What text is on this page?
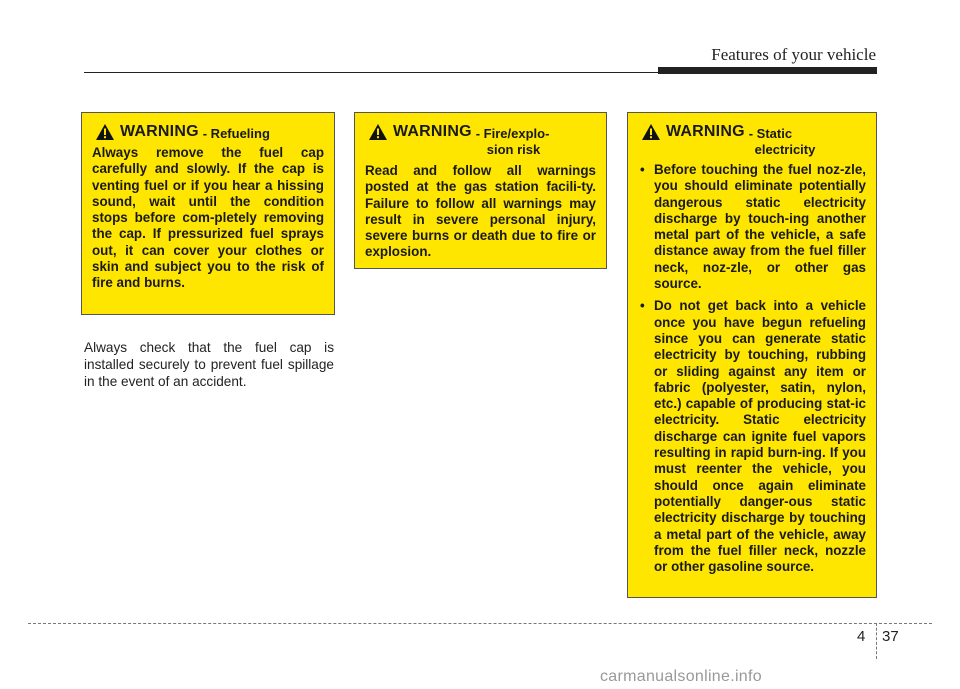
Features of your vehicle
WARNING - Refueling
Always remove the fuel cap carefully and slowly. If the cap is venting fuel or if you hear a hissing sound, wait until the condition stops before com-pletely removing the cap. If pressurized fuel sprays out, it can cover your clothes or skin and subject you to the risk of fire and burns.
WARNING - Fire/explo-
sion risk
Read and follow all warnings posted at the gas station facili-ty. Failure to follow all warnings may result in severe personal injury, severe burns or death due to fire or explosion.
WARNING - Static
electricity
• Before touching the fuel noz-zle, you should eliminate potentially dangerous static electricity discharge by touch-ing another metal part of the vehicle, a safe distance away from the fuel filler neck, noz-zle, or other gas source.
• Do not get back into a vehicle once you have begun refueling since you can generate static electricity by touching, rubbing or sliding against any item or fabric (polyester, satin, nylon, etc.) capable of producing stat-ic electricity. Static electricity discharge can ignite fuel vapors resulting in rapid burn-ing. If you must reenter the vehicle, you should once again eliminate potentially danger-ous static electricity discharge by touching a metal part of the vehicle, away from the fuel filler neck, nozzle or other gasoline source.
Always check that the fuel cap is installed securely to prevent fuel spillage in the event of an accident.
4 37
carmanualsonline.info
